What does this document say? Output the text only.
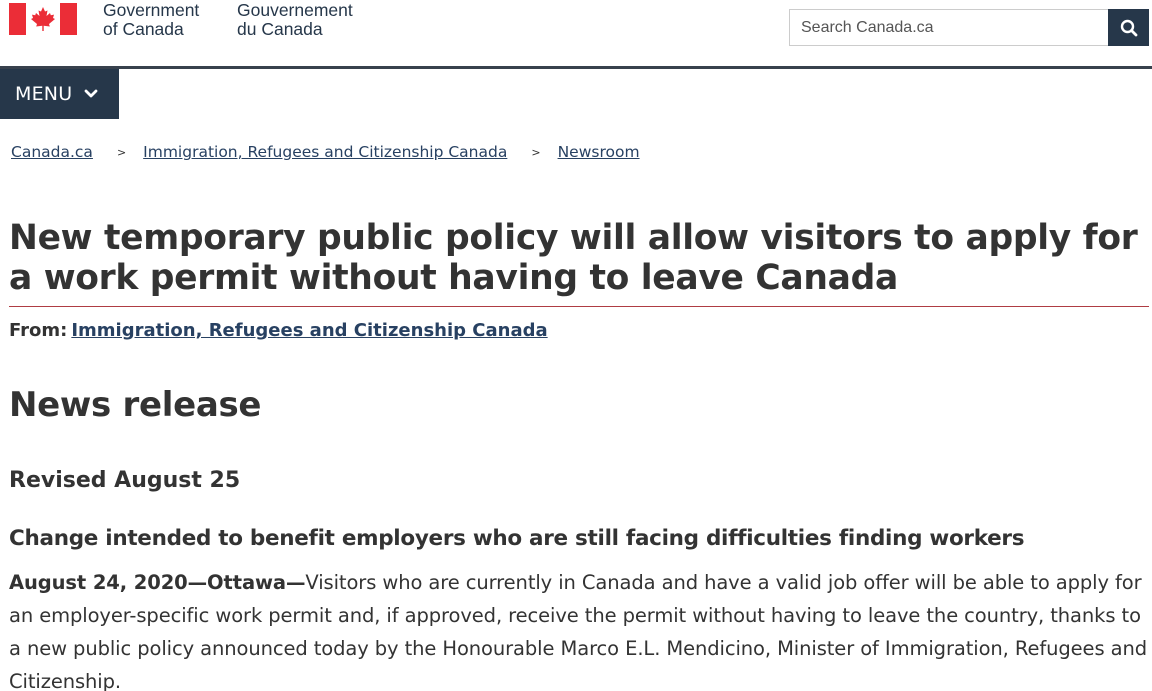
Government
of Canada
Gouvernement
du Canada
Search Canada.ca
MENU
Canada.ca > Immigration, Refugees and Citizenship Canada > Newsroom
New temporary public policy will allow visitors to apply for a work permit without having to leave Canada
From: Immigration, Refugees and Citizenship Canada
News release
Revised August 25
Change intended to benefit employers who are still facing difficulties finding workers

August 24, 2020—Ottawa—Visitors who are currently in Canada and have a valid job offer will be able to apply for an employer-specific work permit and, if approved, receive the permit without having to leave the country, thanks to a new public policy announced today by the Honourable Marco E.L. Mendicino, Minister of Immigration, Refugees and Citizenship.
